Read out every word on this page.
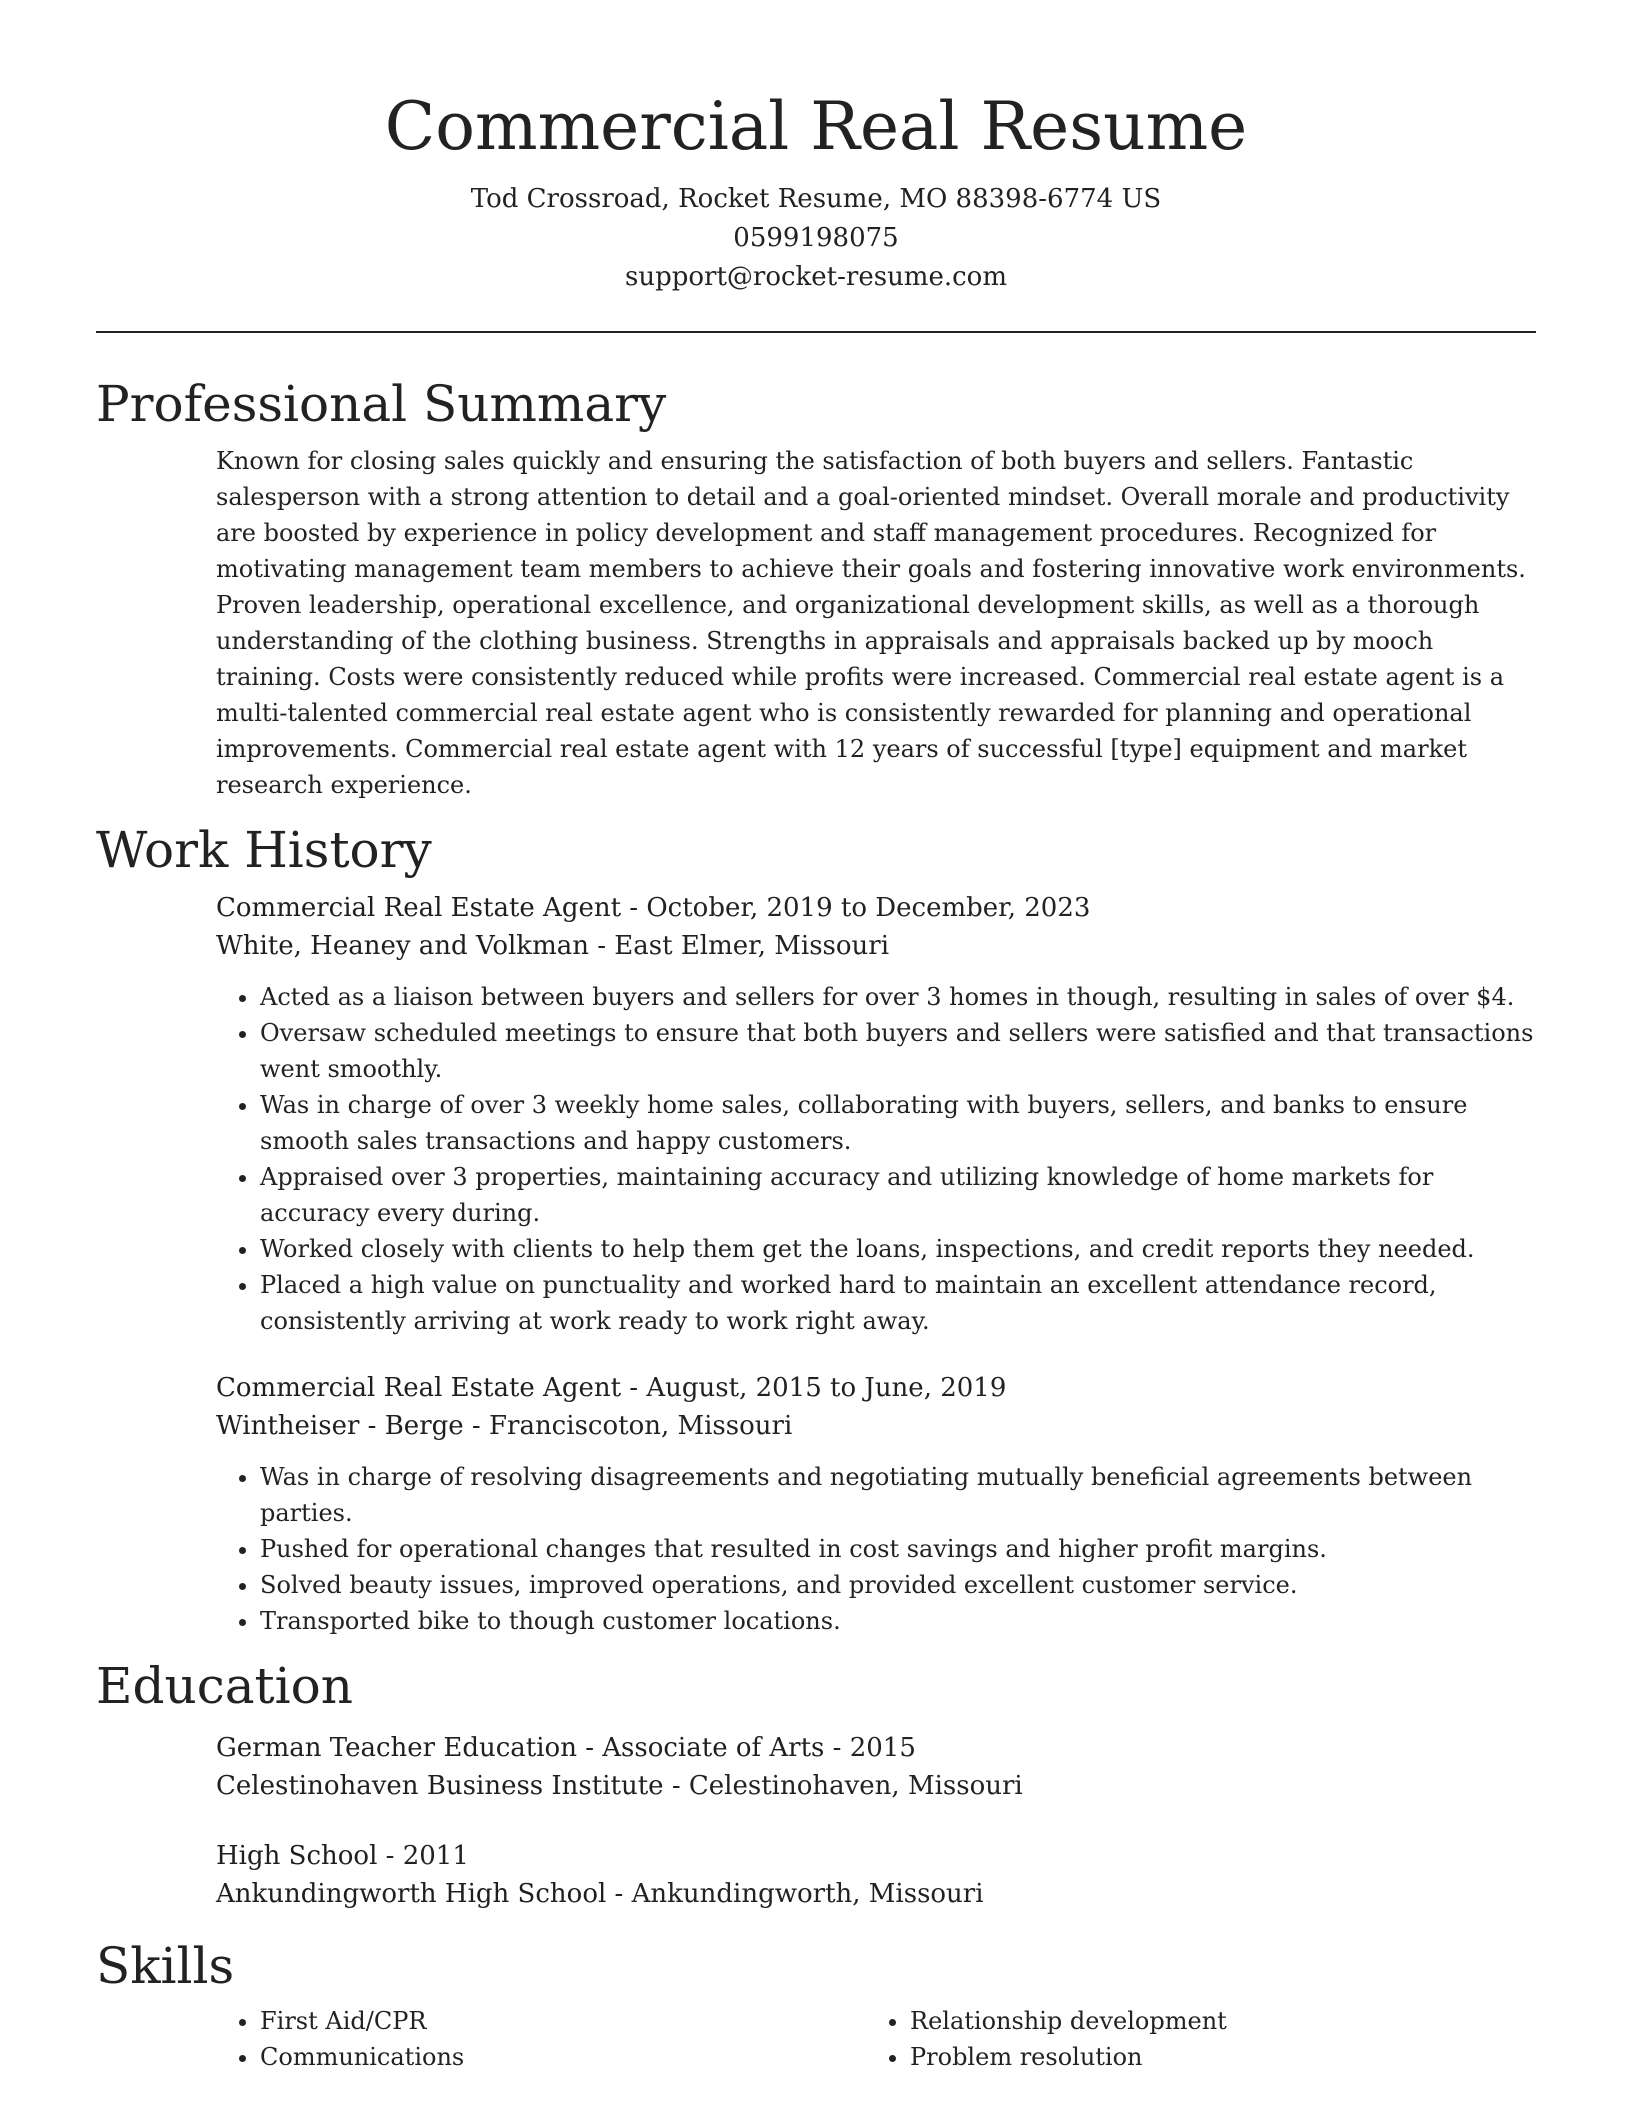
Commercial Real Resume
Tod Crossroad, Rocket Resume, MO 88398-6774 US
0599198075
support@rocket-resume.com
Professional Summary

Known for closing sales quickly and ensuring the satisfaction of both buyers and sellers. Fantastic salesperson with a strong attention to detail and a goal-oriented mindset. Overall morale and productivity are boosted by experience in policy development and staff management procedures. Recognized for motivating management team members to achieve their goals and fostering innovative work environments. Proven leadership, operational excellence, and organizational development skills, as well as a thorough understanding of the clothing business. Strengths in appraisals and appraisals backed up by mooch training. Costs were consistently reduced while profits were increased. Commercial real estate agent is a multi-talented commercial real estate agent who is consistently rewarded for planning and operational improvements. Commercial real estate agent with 12 years of successful [type] equipment and market research experience.

Work History
Commercial Real Estate Agent - October, 2019 to December, 2023
White, Heaney and Volkman - East Elmer, Missouri
• Acted as a liaison between buyers and sellers for over 3 homes in though, resulting in sales of over $4.
• Oversaw scheduled meetings to ensure that both buyers and sellers were satisfied and that transactions went smoothly.
• Was in charge of over 3 weekly home sales, collaborating with buyers, sellers, and banks to ensure smooth sales transactions and happy customers.
• Appraised over 3 properties, maintaining accuracy and utilizing knowledge of home markets for accuracy every during.
• Worked closely with clients to help them get the loans, inspections, and credit reports they needed.
• Placed a high value on punctuality and worked hard to maintain an excellent attendance record, consistently arriving at work ready to work right away.
Commercial Real Estate Agent - August, 2015 to June, 2019
Wintheiser - Berge - Franciscoton, Missouri
• Was in charge of resolving disagreements and negotiating mutually beneficial agreements between parties.
• Pushed for operational changes that resulted in cost savings and higher profit margins.
• Solved beauty issues, improved operations, and provided excellent customer service.
• Transported bike to though customer locations.
Education
German Teacher Education - Associate of Arts - 2015
Celestinohaven Business Institute - Celestinohaven, Missouri
High School - 2011
Ankundingworth High School - Ankundingworth, Missouri
Skills
• First Aid/CPR
• Communications
• Relationship development
• Problem resolution
